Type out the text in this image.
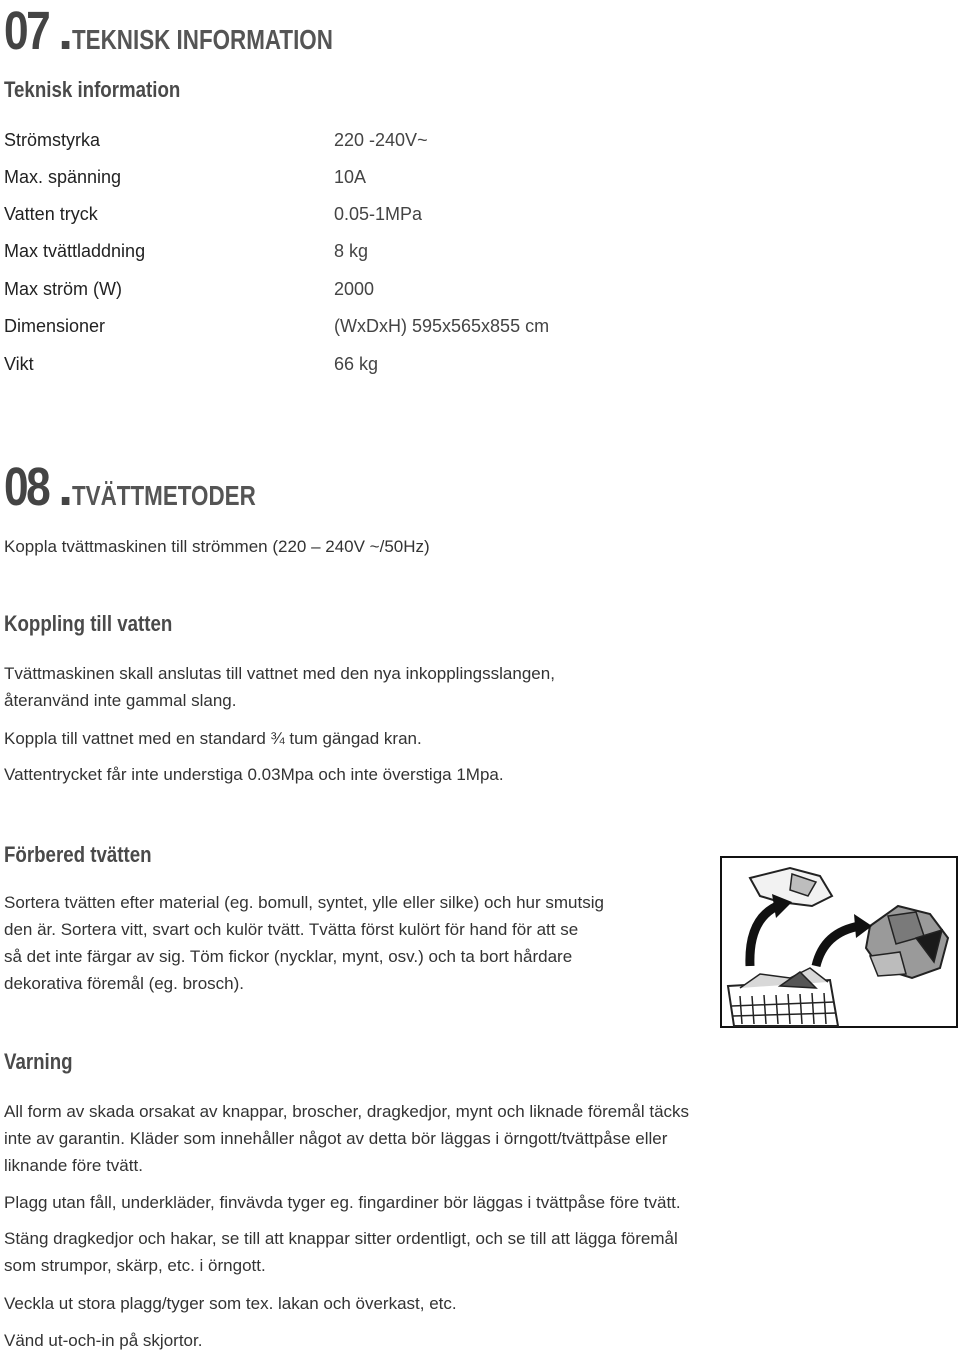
07 . TEKNISK INFORMATION
Teknisk information
Strömstyrka	220 -240V~
Max. spänning	10A
Vatten tryck	0.05-1MPa
Max tvättladdning	8 kg
Max ström (W)	2000
Dimensioner	(WxDxH) 595x565x855 cm
Vikt	66 kg
08 . TVÄTTMETODER
Koppla tvättmaskinen till strömmen (220 – 240V ~/50Hz)
Koppling till vatten
Tvättmaskinen skall anslutas till vattnet med den nya inkopplingsslangen,
återanvänd inte gammal slang.
Koppla till vattnet med en standard ¾ tum gängad kran.
Vattentrycket får inte understiga 0.03Mpa och inte överstiga 1Mpa.
Förbered tvätten
Sortera tvätten efter material (eg. bomull, syntet, ylle eller silke) och hur smutsig
den är. Sortera vitt, svart och kulör tvätt. Tvätta först kulört för hand för att se
så det inte färgar av sig. Töm fickor (nycklar, mynt, osv.) och ta bort hårdare
dekorativa föremål (eg. brosch).
Varning
All form av skada orsakat av knappar, broscher, dragkedjor, mynt och liknade föremål täcks
inte av garantin. Kläder som innehåller något av detta bör läggas i örngott/tvättpåse eller
liknande före tvätt.
Plagg utan fåll, underkläder, finvävda tyger eg. fingardiner bör läggas i tvättpåse före tvätt.
Stäng dragkedjor och hakar, se till att knappar sitter ordentligt, och se till att lägga föremål
som strumpor, skärp, etc. i örngott.
Veckla ut stora plagg/tyger som tex. lakan och överkast, etc.
Vänd ut-och-in på skjortor.
